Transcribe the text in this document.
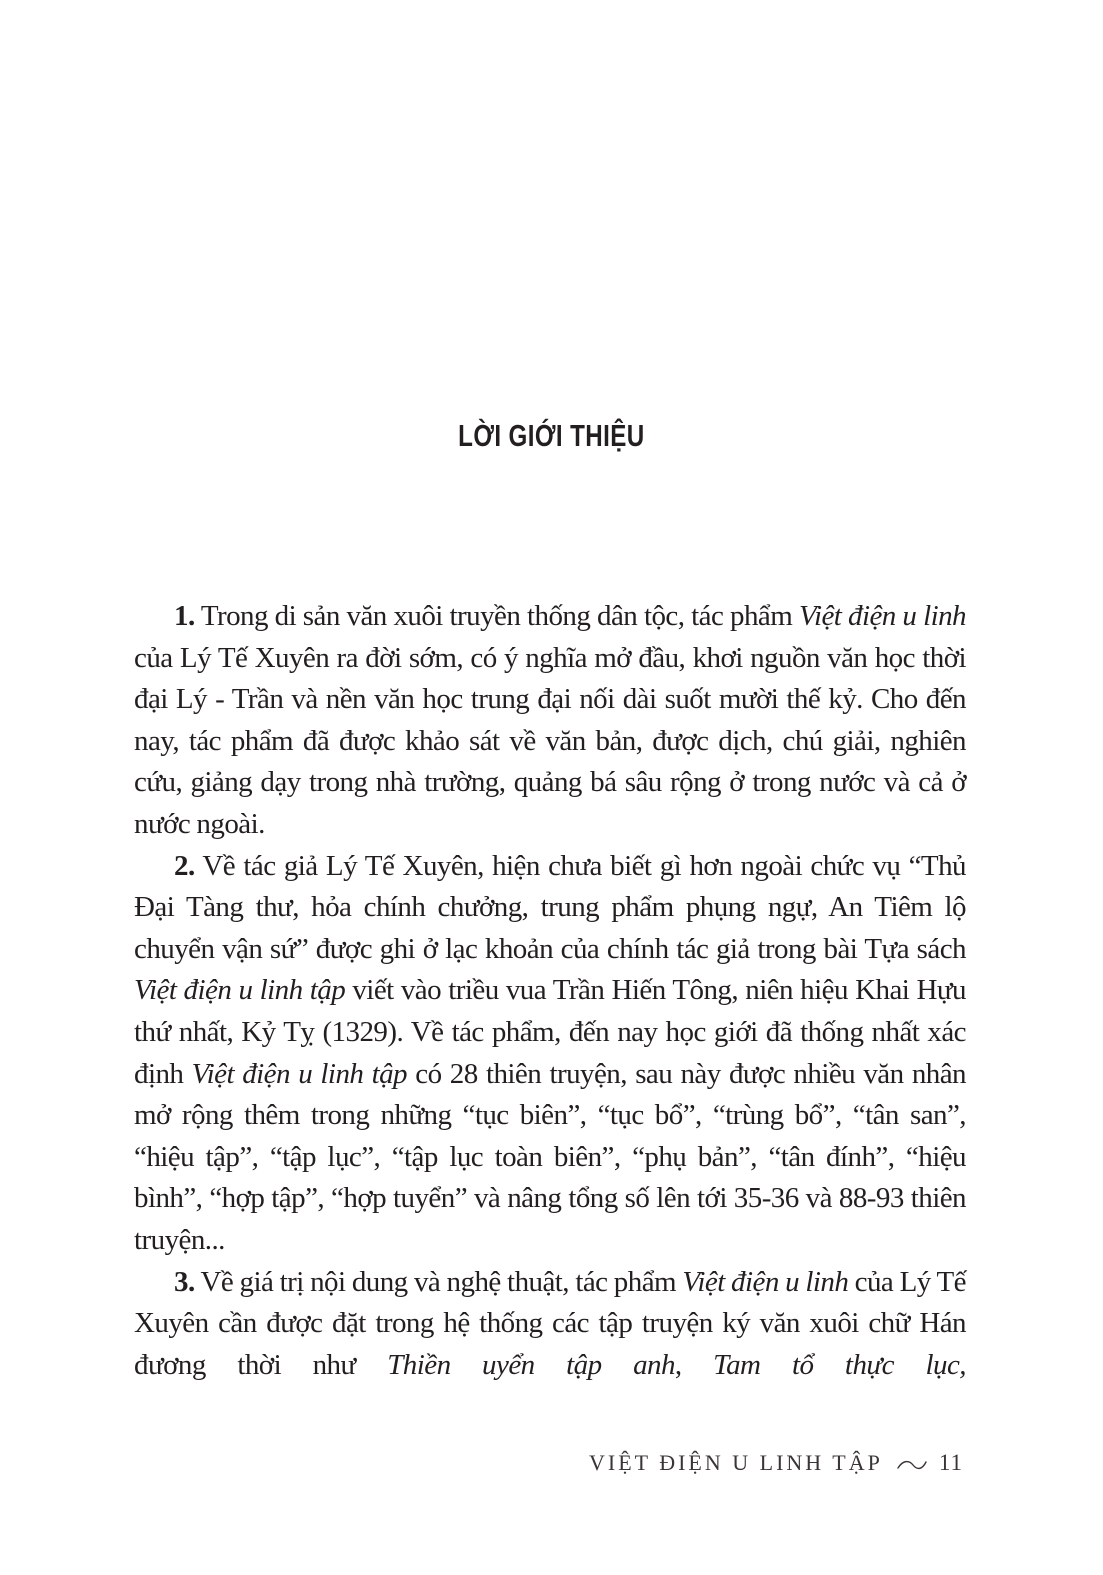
LỜI GIỚI THIỆU

1. Trong di sản văn xuôi truyền thống dân tộc, tác phẩm Việt điện u linh của Lý Tế Xuyên ra đời sớm, có ý nghĩa mở đầu, khơi nguồn văn học thời đại Lý - Trần và nền văn học trung đại nối dài suốt mười thế kỷ. Cho đến nay, tác phẩm đã được khảo sát về văn bản, được dịch, chú giải, nghiên cứu, giảng dạy trong nhà trường, quảng bá sâu rộng ở trong nước và cả ở nước ngoài.

2. Về tác giả Lý Tế Xuyên, hiện chưa biết gì hơn ngoài chức vụ “Thủ Đại Tàng thư, hỏa chính chưởng, trung phẩm phụng ngự, An Tiêm lộ chuyển vận sứ” được ghi ở lạc khoản của chính tác giả trong bài Tựa sách Việt điện u linh tập viết vào triều vua Trần Hiến Tông, niên hiệu Khai Hựu thứ nhất, Kỷ Tỵ (1329). Về tác phẩm, đến nay học giới đã thống nhất xác định Việt điện u linh tập có 28 thiên truyện, sau này được nhiều văn nhân mở rộng thêm trong những “tục biên”, “tục bổ”, “trùng bổ”, “tân san”, “hiệu tập”, “tập lục”, “tập lục toàn biên”, “phụ bản”, “tân đính”, “hiệu bình”, “hợp tập”, “hợp tuyển” và nâng tổng số lên tới 35-36 và 88-93 thiên truyện...

3. Về giá trị nội dung và nghệ thuật, tác phẩm Việt điện u linh của Lý Tế Xuyên cần được đặt trong hệ thống các tập truyện ký văn xuôi chữ Hán đương thời như Thiền uyển tập anh, Tam tổ thực lục,

VIỆT ĐIỆN U LINH TẬP 11
